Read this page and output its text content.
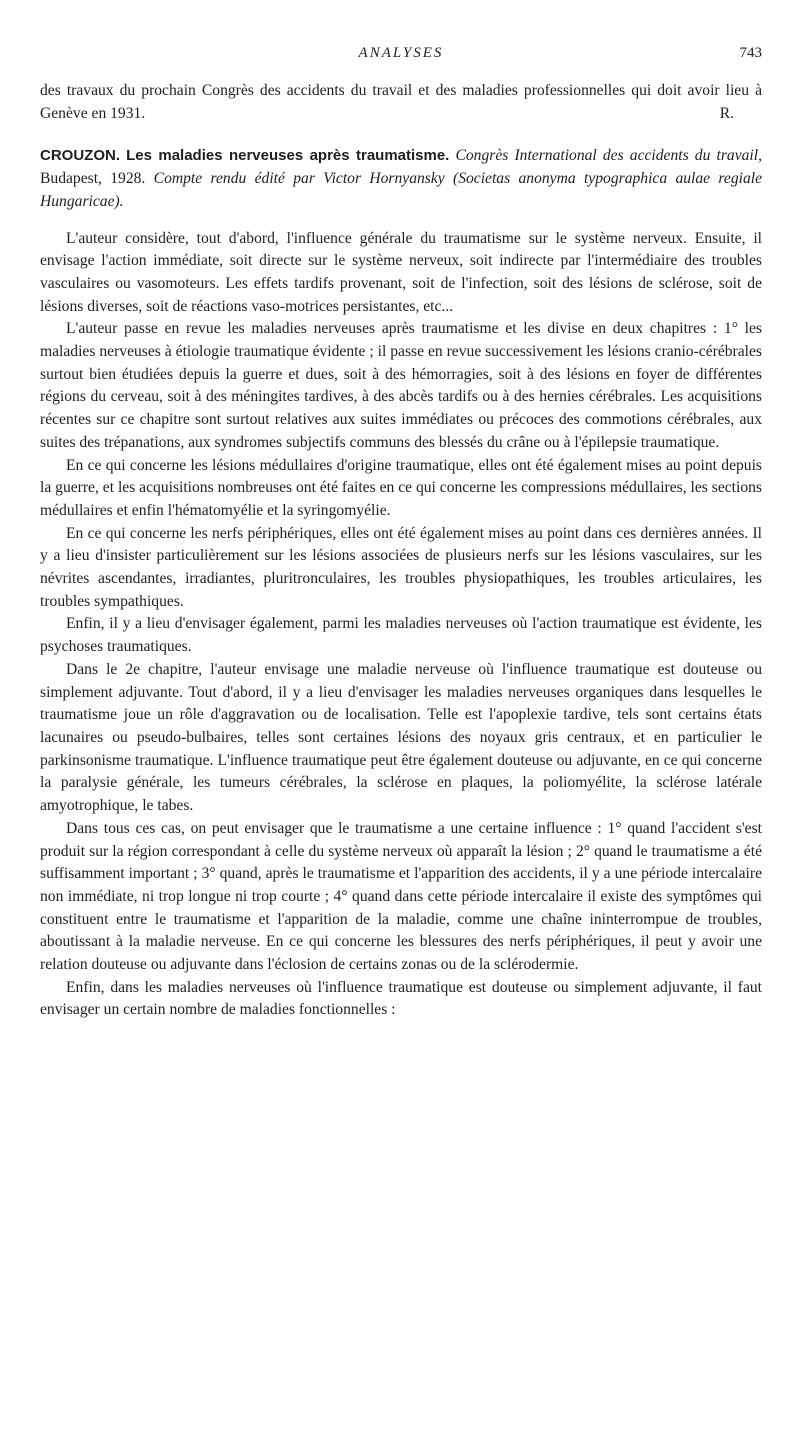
ANALYSES	743
des travaux du prochain Congrès des accidents du travail et des maladies professionnelles qui doit avoir lieu à Genève en 1931.	R.
CROUZON. Les maladies nerveuses après traumatisme. Congrès International des accidents du travail, Budapest, 1928. Compte rendu édité par Victor Hornyansky (Societas anonyma typographica aulae regiale Hungaricae).

L'auteur considère, tout d'abord, l'influence générale du traumatisme sur le système nerveux. Ensuite, il envisage l'action immédiate, soit directe sur le système nerveux, soit indirecte par l'intermédiaire des troubles vasculaires ou vasomoteurs. Les effets tardifs provenant, soit de l'infection, soit des lésions de sclérose, soit de lésions diverses, soit de réactions vaso-motrices persistantes, etc...

L'auteur passe en revue les maladies nerveuses après traumatisme et les divise en deux chapitres : 1° les maladies nerveuses à étiologie traumatique évidente ; il passe en revue successivement les lésions cranio-cérébrales surtout bien étudiées depuis la guerre et dues, soit à des hémorragies, soit à des lésions en foyer de différentes régions du cerveau, soit à des méningites tardives, à des abcès tardifs ou à des hernies cérébrales. Les acquisitions récentes sur ce chapitre sont surtout relatives aux suites immédiates ou précoces des commotions cérébrales, aux suites des trépanations, aux syndromes subjectifs communs des blessés du crâne ou à l'épilepsie traumatique.

En ce qui concerne les lésions médullaires d'origine traumatique, elles ont été également mises au point depuis la guerre, et les acquisitions nombreuses ont été faites en ce qui concerne les compressions médullaires, les sections médullaires et enfin l'hématomyélie et la syringomyélie.

En ce qui concerne les nerfs périphériques, elles ont été également mises au point dans ces dernières années. Il y a lieu d'insister particulièrement sur les lésions associées de plusieurs nerfs sur les lésions vasculaires, sur les névrites ascendantes, irradiantes, pluritronculaires, les troubles physiopathiques, les troubles articulaires, les troubles sympathiques.

Enfin, il y a lieu d'envisager également, parmi les maladies nerveuses où l'action traumatique est évidente, les psychoses traumatiques.

Dans le 2e chapitre, l'auteur envisage une maladie nerveuse où l'influence traumatique est douteuse ou simplement adjuvante. Tout d'abord, il y a lieu d'envisager les maladies nerveuses organiques dans lesquelles le traumatisme joue un rôle d'aggravation ou de localisation. Telle est l'apoplexie tardive, tels sont certains états lacunaires ou pseudo-bulbaires, telles sont certaines lésions des noyaux gris centraux, et en particulier le parkinsonisme traumatique. L'influence traumatique peut être également douteuse ou adjuvante, en ce qui concerne la paralysie générale, les tumeurs cérébrales, la sclérose en plaques, la poliomyélite, la sclérose latérale amyotrophique, le tabes.

Dans tous ces cas, on peut envisager que le traumatisme a une certaine influence : 1° quand l'accident s'est produit sur la région correspondant à celle du système nerveux où apparaît la lésion ; 2° quand le traumatisme a été suffisamment important ; 3° quand, après le traumatisme et l'apparition des accidents, il y a une période intercalaire non immédiate, ni trop longue ni trop courte ; 4° quand dans cette période intercalaire il existe des symptômes qui constituent entre le traumatisme et l'apparition de la maladie, comme une chaîne ininterrompue de troubles, aboutissant à la maladie nerveuse. En ce qui concerne les blessures des nerfs périphériques, il peut y avoir une relation douteuse ou adjuvante dans l'éclosion de certains zonas ou de la sclérodermie.

Enfin, dans les maladies nerveuses où l'influence traumatique est douteuse ou simplement adjuvante, il faut envisager un certain nombre de maladies fonctionnelles :
